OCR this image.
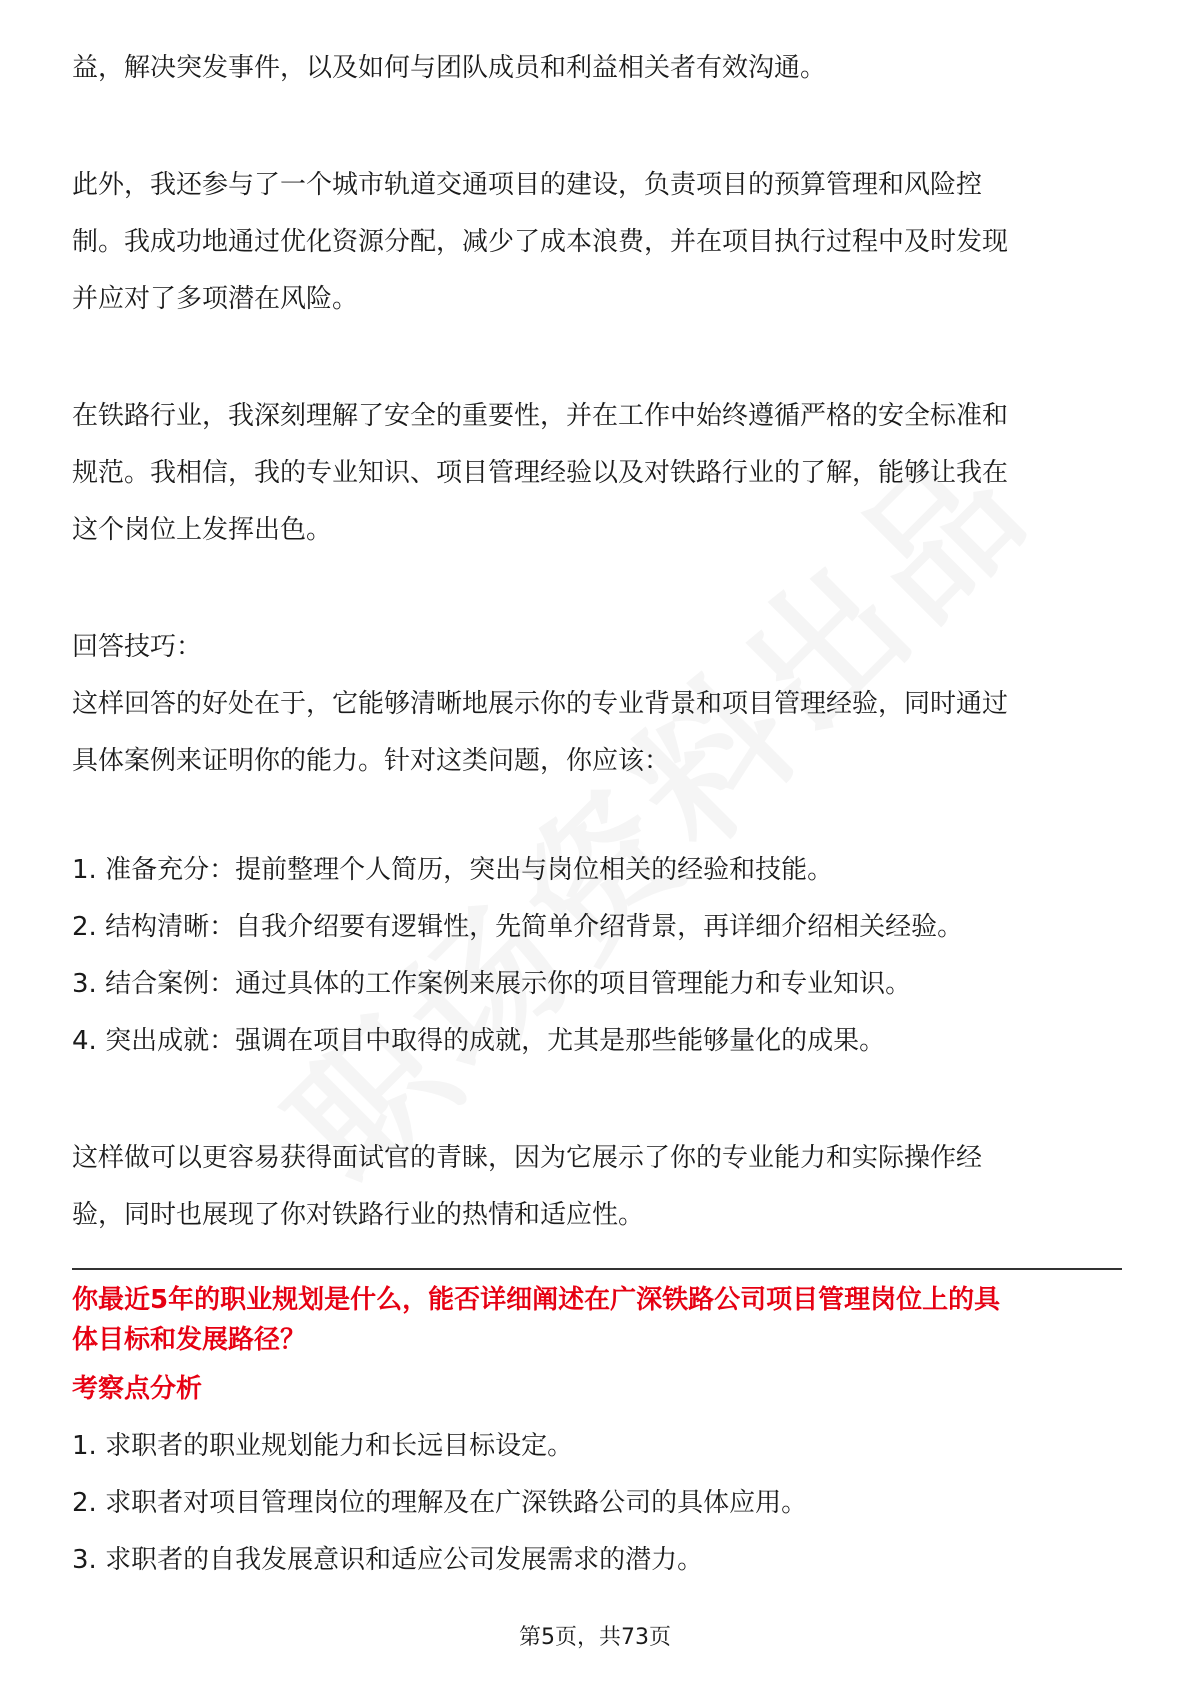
益，解决突发事件，以及如何与团队成员和利益相关者有效沟通。

此外，我还参与了一个城市轨道交通项目的建设，负责项目的预算管理和风险控

制。我成功地通过优化资源分配，减少了成本浪费，并在项目执行过程中及时发现

并应对了多项潜在风险。

在铁路行业，我深刻理解了安全的重要性，并在工作中始终遵循严格的安全标准和

规范。我相信，我的专业知识、项目管理经验以及对铁路行业的了解，能够让我在

这个岗位上发挥出色。

回答技巧：

这样回答的好处在于，它能够清晰地展示你的专业背景和项目管理经验，同时通过

具体案例来证明你的能力。针对这类问题，你应该：

1. 准备充分：提前整理个人简历，突出与岗位相关的经验和技能。

2. 结构清晰：自我介绍要有逻辑性，先简单介绍背景，再详细介绍相关经验。

3. 结合案例：通过具体的工作案例来展示你的项目管理能力和专业知识。

4. 突出成就：强调在项目中取得的成就，尤其是那些能够量化的成果。

这样做可以更容易获得面试官的青睐，因为它展示了你的专业能力和实际操作经

验，同时也展现了你对铁路行业的热情和适应性。

你最近5年的职业规划是什么，能否详细阐述在广深铁路公司项目管理岗位上的具

体目标和发展路径？

考察点分析

1. 求职者的职业规划能力和长远目标设定。

2. 求职者对项目管理岗位的理解及在广深铁路公司的具体应用。

3. 求职者的自我发展意识和适应公司发展需求的潜力。

第5页，共73页
